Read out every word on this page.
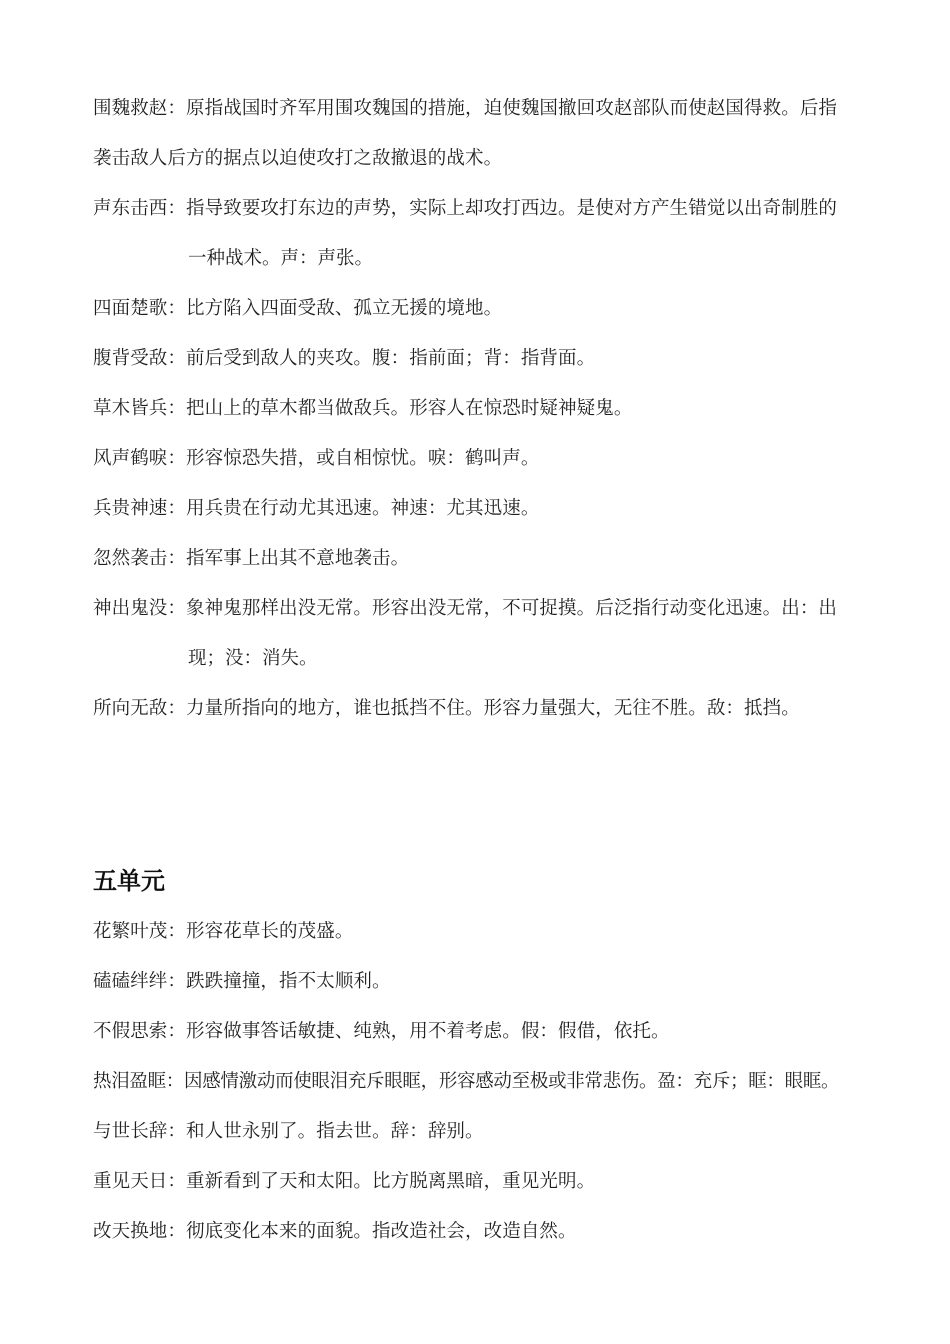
围魏救赵：原指战国时齐军用围攻魏国的措施，迫使魏国撤回攻赵部队而使赵国得救。后指
袭击敌人后方的据点以迫使攻打之敌撤退的战术。
声东击西：指导致要攻打东边的声势，实际上却攻打西边。是使对方产生错觉以出奇制胜的
一种战术。声：声张。
四面楚歌：比方陷入四面受敌、孤立无援的境地。
腹背受敌：前后受到敌人的夹攻。腹：指前面；背：指背面。
草木皆兵：把山上的草木都当做敌兵。形容人在惊恐时疑神疑鬼。
风声鹤唳：形容惊恐失措，或自相惊忧。唳：鹤叫声。
兵贵神速：用兵贵在行动尤其迅速。神速：尤其迅速。
忽然袭击：指军事上出其不意地袭击。
神出鬼没：象神鬼那样出没无常。形容出没无常，不可捉摸。后泛指行动变化迅速。出：出
现；没：消失。
所向无敌：力量所指向的地方，谁也抵挡不住。形容力量强大，无往不胜。敌：抵挡。
五单元
花繁叶茂：形容花草长的茂盛。
磕磕绊绊：跌跌撞撞，指不太顺利。
不假思索：形容做事答话敏捷、纯熟，用不着考虑。假：假借，依托。
热泪盈眶：因感情激动而使眼泪充斥眼眶，形容感动至极或非常悲伤。盈：充斥；眶：眼眶。
与世长辞：和人世永别了。指去世。辞：辞别。
重见天日：重新看到了天和太阳。比方脱离黑暗，重见光明。
改天换地：彻底变化本来的面貌。指改造社会，改造自然。
